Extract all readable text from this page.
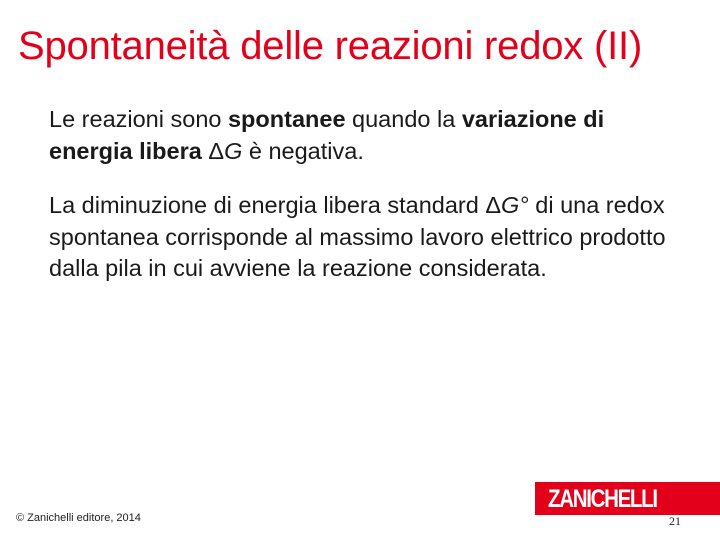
Spontaneità delle reazioni redox (II)

Le reazioni sono spontanee quando la variazione di energia libera ΔG è negativa.

La diminuzione di energia libera standard ΔG° di una redox spontanea corrisponde al massimo lavoro elettrico prodotto dalla pila in cui avviene la reazione considerata.

© Zanichelli editore, 2014
ZANICHELLI
21
